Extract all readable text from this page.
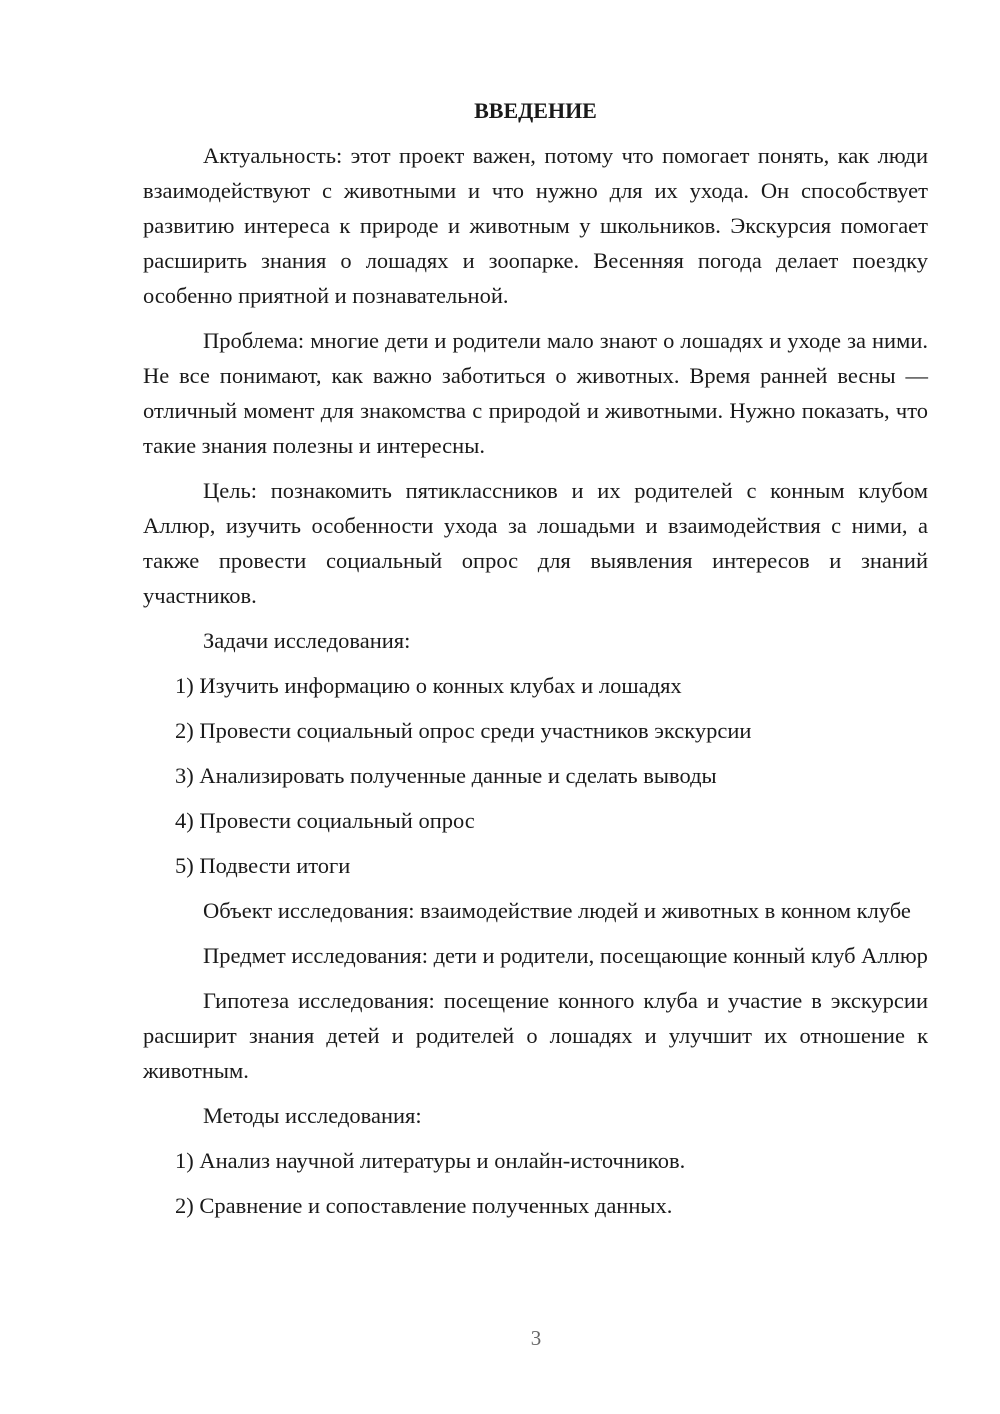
ВВЕДЕНИЕ

Актуальность: этот проект важен, потому что помогает понять, как люди взаимодействуют с животными и что нужно для их ухода. Он способствует развитию интереса к природе и животным у школьников. Экскурсия помогает расширить знания о лошадях и зоопарке. Весенняя погода делает поездку особенно приятной и познавательной.

Проблема: многие дети и родители мало знают о лошадях и уходе за ними. Не все понимают, как важно заботиться о животных. Время ранней весны — отличный момент для знакомства с природой и животными. Нужно показать, что такие знания полезны и интересны.

Цель: познакомить пятиклассников и их родителей с конным клубом Аллюр, изучить особенности ухода за лошадьми и взаимодействия с ними, а также провести социальный опрос для выявления интересов и знаний участников.

Задачи исследования:

1) Изучить информацию о конных клубах и лошадях
2) Провести социальный опрос среди участников экскурсии
3) Анализировать полученные данные и сделать выводы
4) Провести социальный опрос
5) Подвести итоги

Объект исследования: взаимодействие людей и животных в конном клубе

Предмет исследования: дети и родители, посещающие конный клуб Аллюр

Гипотеза исследования: посещение конного клуба и участие в экскурсии расширит знания детей и родителей о лошадях и улучшит их отношение к животным.

Методы исследования:

1) Анализ научной литературы и онлайн-источников.
2) Сравнение и сопоставление полученных данных.
3
